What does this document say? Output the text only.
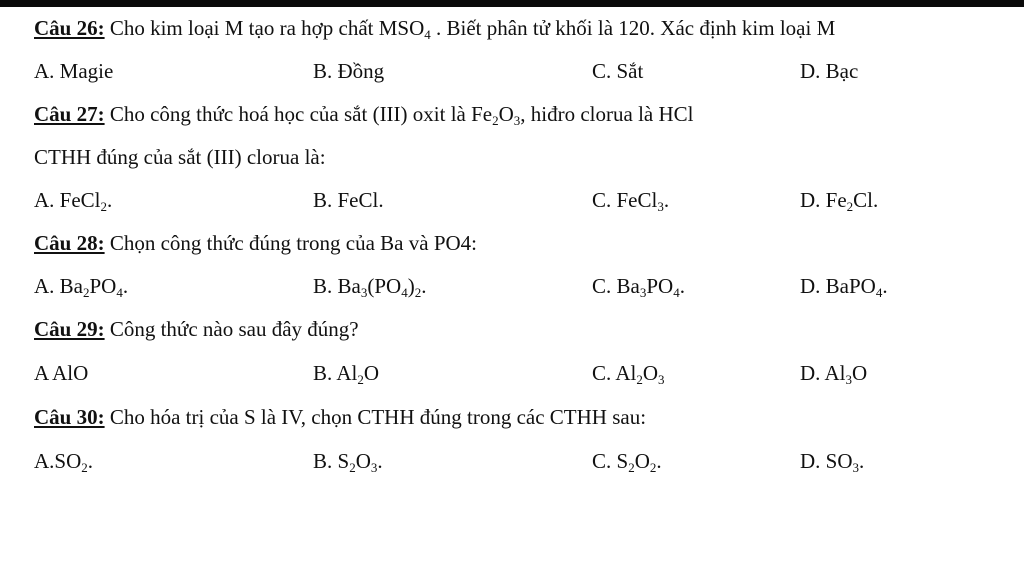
Câu 26: Cho kim loại M tạo ra hợp chất $MSO_4$ . Biết phân tử khối là 120. Xác định kim loại M
A. Magie	B. Đồng	C. Sắt	D. Bạc
Câu 27: Cho công thức hoá học của sắt (III) oxit là $Fe_2O_3$, hiđro clorua là HCl
CTHH đúng của sắt (III) clorua là:
A. FeCl$_2$.	B. FeCl.	C. FeCl$_3$.	D. $Fe_2Cl$.
Câu 28: Chọn công thức đúng trong của Ba và PO4:
A. $Ba_2PO_4$.	B. $Ba_3(PO_4)_2$.	C. $Ba_3PO_4$.	D. BaPO$_4$.
Câu 29: Công thức nào sau đây đúng?
A AlO	B. $Al_2O$	C. $Al_2O_3$	D. $Al_3O$
Câu 30: Cho hóa trị của S là IV, chọn CTHH đúng trong các CTHH sau:
$A.SO_2$.	B. $S_2O_3$.	C. $S_2O_2$.	D. $SO_3$.
